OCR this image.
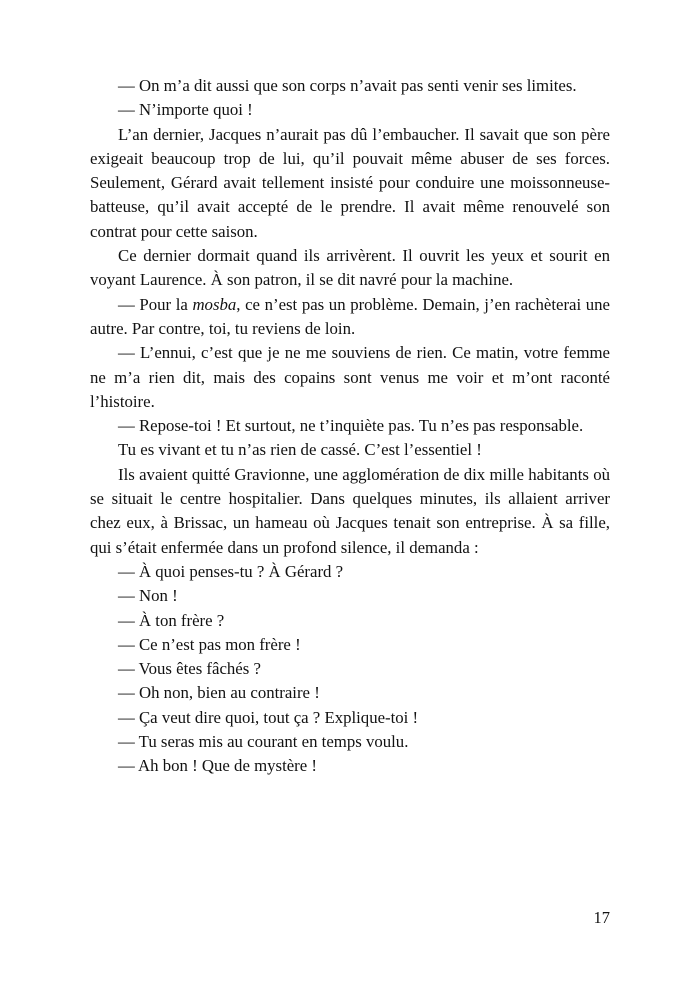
— On m’a dit aussi que son corps n’avait pas senti venir ses limites.

— N’importe quoi !

L’an dernier, Jacques n’aurait pas dû l’embaucher. Il savait que son père exigeait beaucoup trop de lui, qu’il pouvait même abuser de ses forces. Seulement, Gérard avait tellement insisté pour conduire une moissonneuse-batteuse, qu’il avait accepté de le prendre. Il avait même renouvelé son contrat pour cette saison.

Ce dernier dormait quand ils arrivèrent. Il ouvrit les yeux et sourit en voyant Laurence. À son patron, il se dit navré pour la machine.

— Pour la mosba, ce n’est pas un problème. Demain, j’en rachèterai une autre. Par contre, toi, tu reviens de loin.

— L’ennui, c’est que je ne me souviens de rien. Ce matin, votre femme ne m’a rien dit, mais des copains sont venus me voir et m’ont raconté l’histoire.

— Repose-toi ! Et surtout, ne t’inquiète pas. Tu n’es pas responsable.

Tu es vivant et tu n’as rien de cassé. C’est l’essentiel !

Ils avaient quitté Gravionne, une agglomération de dix mille habitants où se situait le centre hospitalier. Dans quelques minutes, ils allaient arriver chez eux, à Brissac, un hameau où Jacques tenait son entreprise. À sa fille, qui s’était enfermée dans un profond silence, il demanda :

— À quoi penses-tu ? À Gérard ?

— Non !

— À ton frère ?

— Ce n’est pas mon frère !

— Vous êtes fâchés ?

— Oh non, bien au contraire !

— Ça veut dire quoi, tout ça ? Explique-toi !

— Tu seras mis au courant en temps voulu.

— Ah bon ! Que de mystère !

17
